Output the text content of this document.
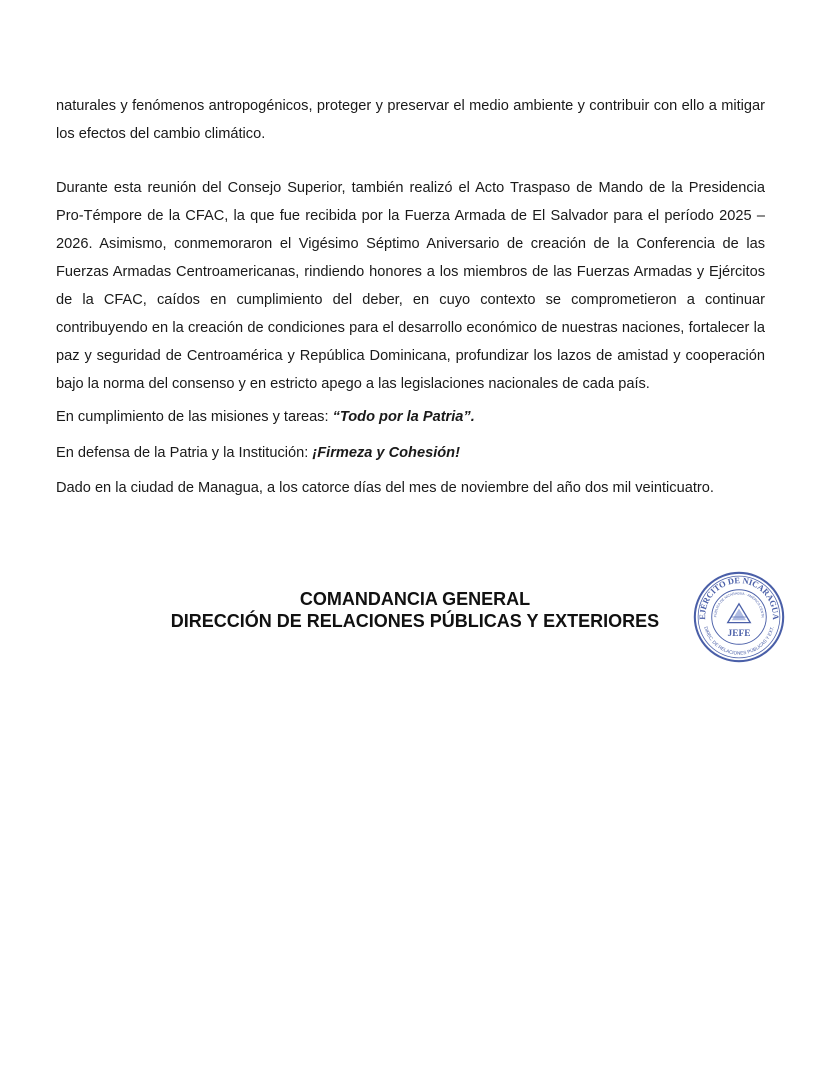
naturales y fenómenos antropogénicos, proteger y preservar el medio ambiente y contribuir con ello a mitigar los efectos del cambio climático.

Durante esta reunión del Consejo Superior, también realizó el Acto Traspaso de Mando de la Presidencia Pro-Témpore de la CFAC, la que fue recibida por la Fuerza Armada de El Salvador para el período 2025 – 2026. Asimismo, conmemoraron el Vigésimo Séptimo Aniversario de creación de la Conferencia de las Fuerzas Armadas Centroamericanas, rindiendo honores a los miembros de las Fuerzas Armadas y Ejércitos de la CFAC, caídos en cumplimiento del deber, en cuyo contexto se comprometieron a continuar contribuyendo en la creación de condiciones para el desarrollo económico de nuestras naciones, fortalecer la paz y seguridad de Centroamérica y República Dominicana, profundizar los lazos de amistad y cooperación bajo la norma del consenso y en estricto apego a las legislaciones nacionales de cada país.

En cumplimiento de las misiones y tareas: “Todo por la Patria”.

En defensa de la Patria y la Institución: ¡Firmeza y Cohesión!

Dado en la ciudad de Managua, a los catorce días del mes de noviembre del año dos mil veinticuatro.

COMANDANCIA GENERAL
DIRECCIÓN DE RELACIONES PÚBLICAS Y EXTERIORES	EJÉRCITO DE NICARAGUA
DIREC. DE RELACIONES PÚBLICAS Y EXT.
PÚBLICA DE NICARAGUA · AMÉRICA CENTR
JEFE
